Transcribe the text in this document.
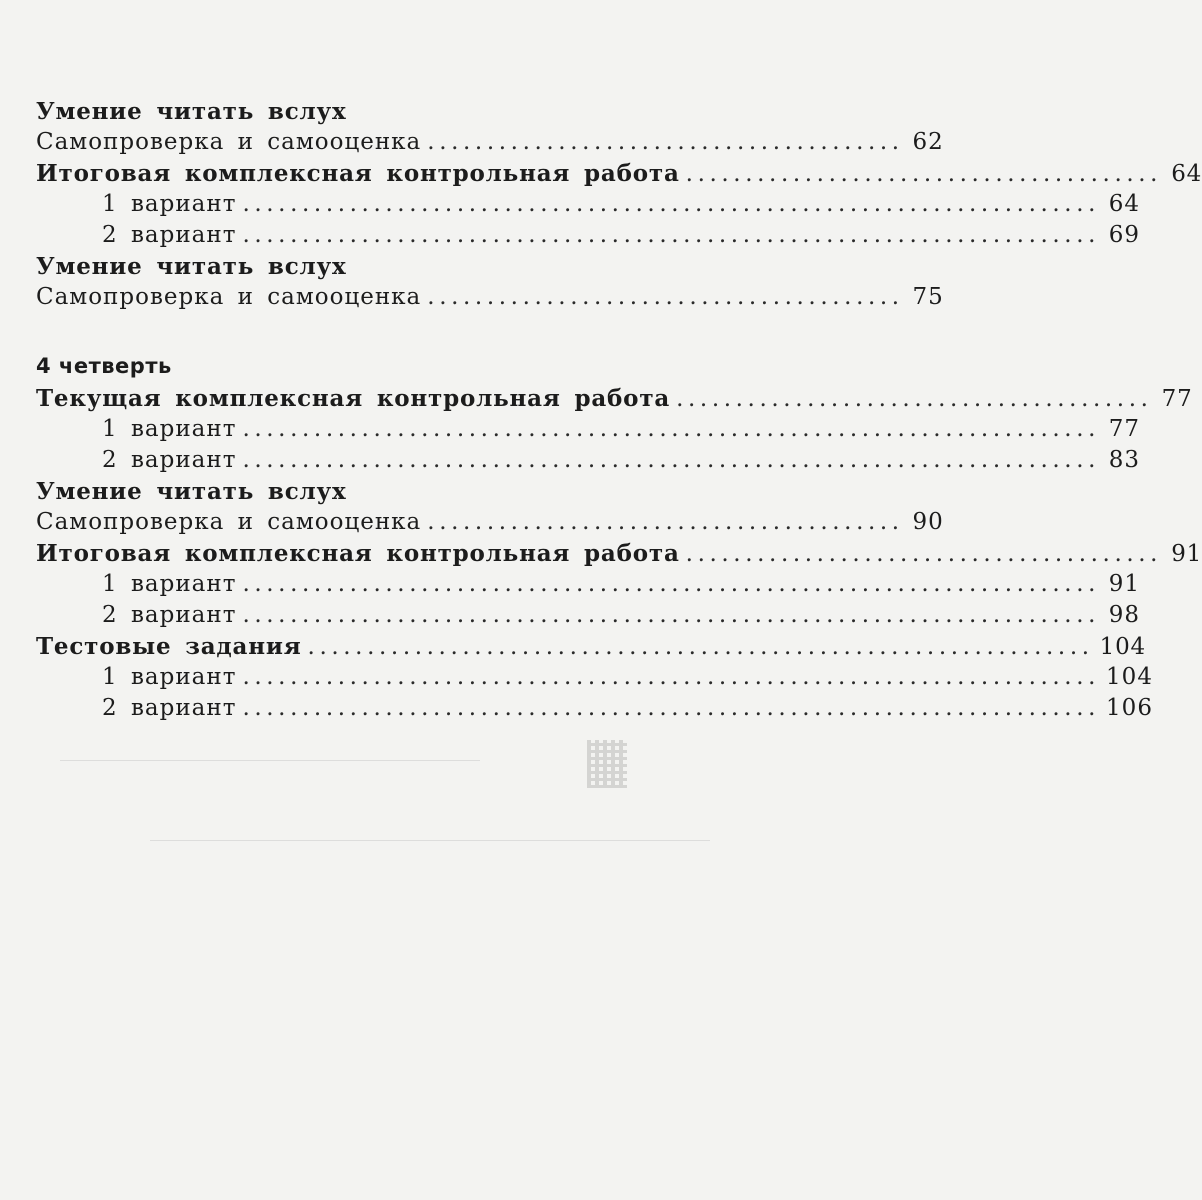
Умение читать вслух
Самопроверка и самооценка ........................................ 62
Итоговая комплексная контрольная работа ........................................ 64
1 вариант ........................................................................ 64
2 вариант ........................................................................ 69
Умение читать вслух
Самопроверка и самооценка ........................................ 75
4 четверть
Текущая комплексная контрольная работа ........................................ 77
1 вариант ........................................................................ 77
2 вариант ........................................................................ 83
Умение читать вслух
Самопроверка и самооценка ........................................ 90
Итоговая комплексная контрольная работа ........................................ 91
1 вариант ........................................................................ 91
2 вариант ........................................................................ 98
Тестовые задания .................................................................. 104
1 вариант ........................................................................ 104
2 вариант ........................................................................ 106
